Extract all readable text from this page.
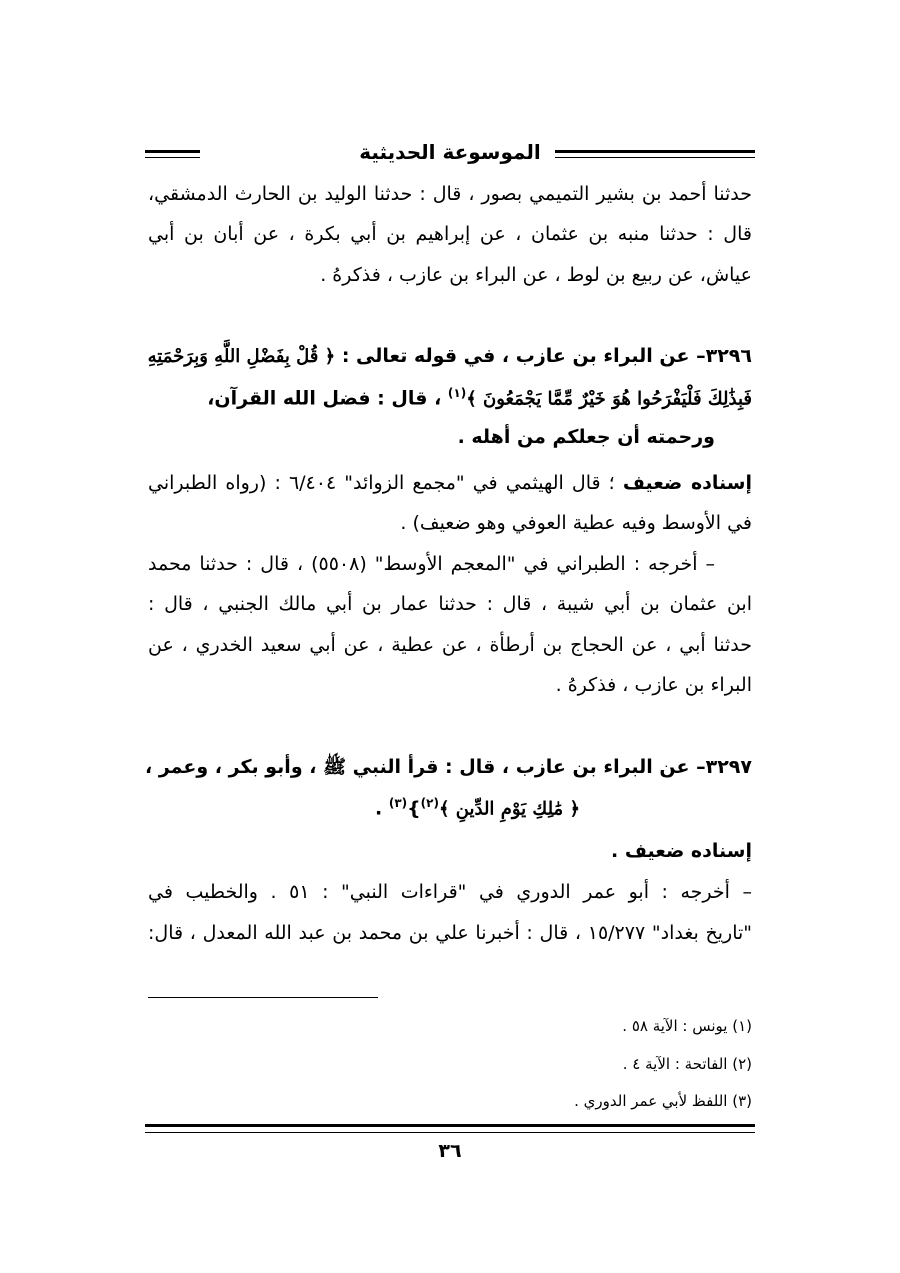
الموسوعة الحديثية
حدثنا أحمد بن بشير التميمي بصور ، قال : حدثنا الوليد بن الحارث الدمشقي،
قال : حدثنا منبه بن عثمان ، عن إبراهيم بن أبي بكرة ، عن أبان بن أبي
عياش، عن ربيع بن لوط ، عن البراء بن عازب ، فذكرهُ .
٣٢٩٦– عن البراء بن عازب ، في قوله تعالى : ﴿ قُلْ بِفَضْلِ اللَّهِ وَبِرَحْمَتِهِ
فَبِذَٰلِكَ فَلْيَفْرَحُوا هُوَ خَيْرٌ مِّمَّا يَجْمَعُونَ ﴾$^{(١)}$ ، قال : فضل الله القرآن،
ورحمته أن جعلكم من أهله .
إسناده ضعيف ؛ قال الهيثمي في "مجمع الزوائد" ٦/٤٠٤ : (رواه الطبراني
في الأوسط وفيه عطية العوفي وهو ضعيف) .
– أخرجه : الطبراني في "المعجم الأوسط" (٥٥٠٨) ، قال : حدثنا محمد
ابن عثمان بن أبي شيبة ، قال : حدثنا عمار بن أبي مالك الجنبي ، قال :
حدثنا أبي ، عن الحجاج بن أرطأة ، عن عطية ، عن أبي سعيد الخدري ، عن
البراء بن عازب ، فذكرهُ .
٣٢٩٧– عن البراء بن عازب ، قال : قرأ النبي ﷺ ، وأبو بكر ، وعمر ،
﴿ مَٰلِكِ يَوْمِ الدِّينِ ﴾$^{(٢)}$}$^{(٣)}$ .
إسناده ضعيف .
– أخرجه : أبو عمر الدوري في "قراءات النبي" : ٥١ . والخطيب في
"تاريخ بغداد" ١٥/٢٧٧ ، قال : أخبرنا علي بن محمد بن عبد الله المعدل ، قال:
(١) يونس : الآية ٥٨ .
(٢) الفاتحة : الآية ٤ .
(٣) اللفظ لأبي عمر الدوري .
٣٦
